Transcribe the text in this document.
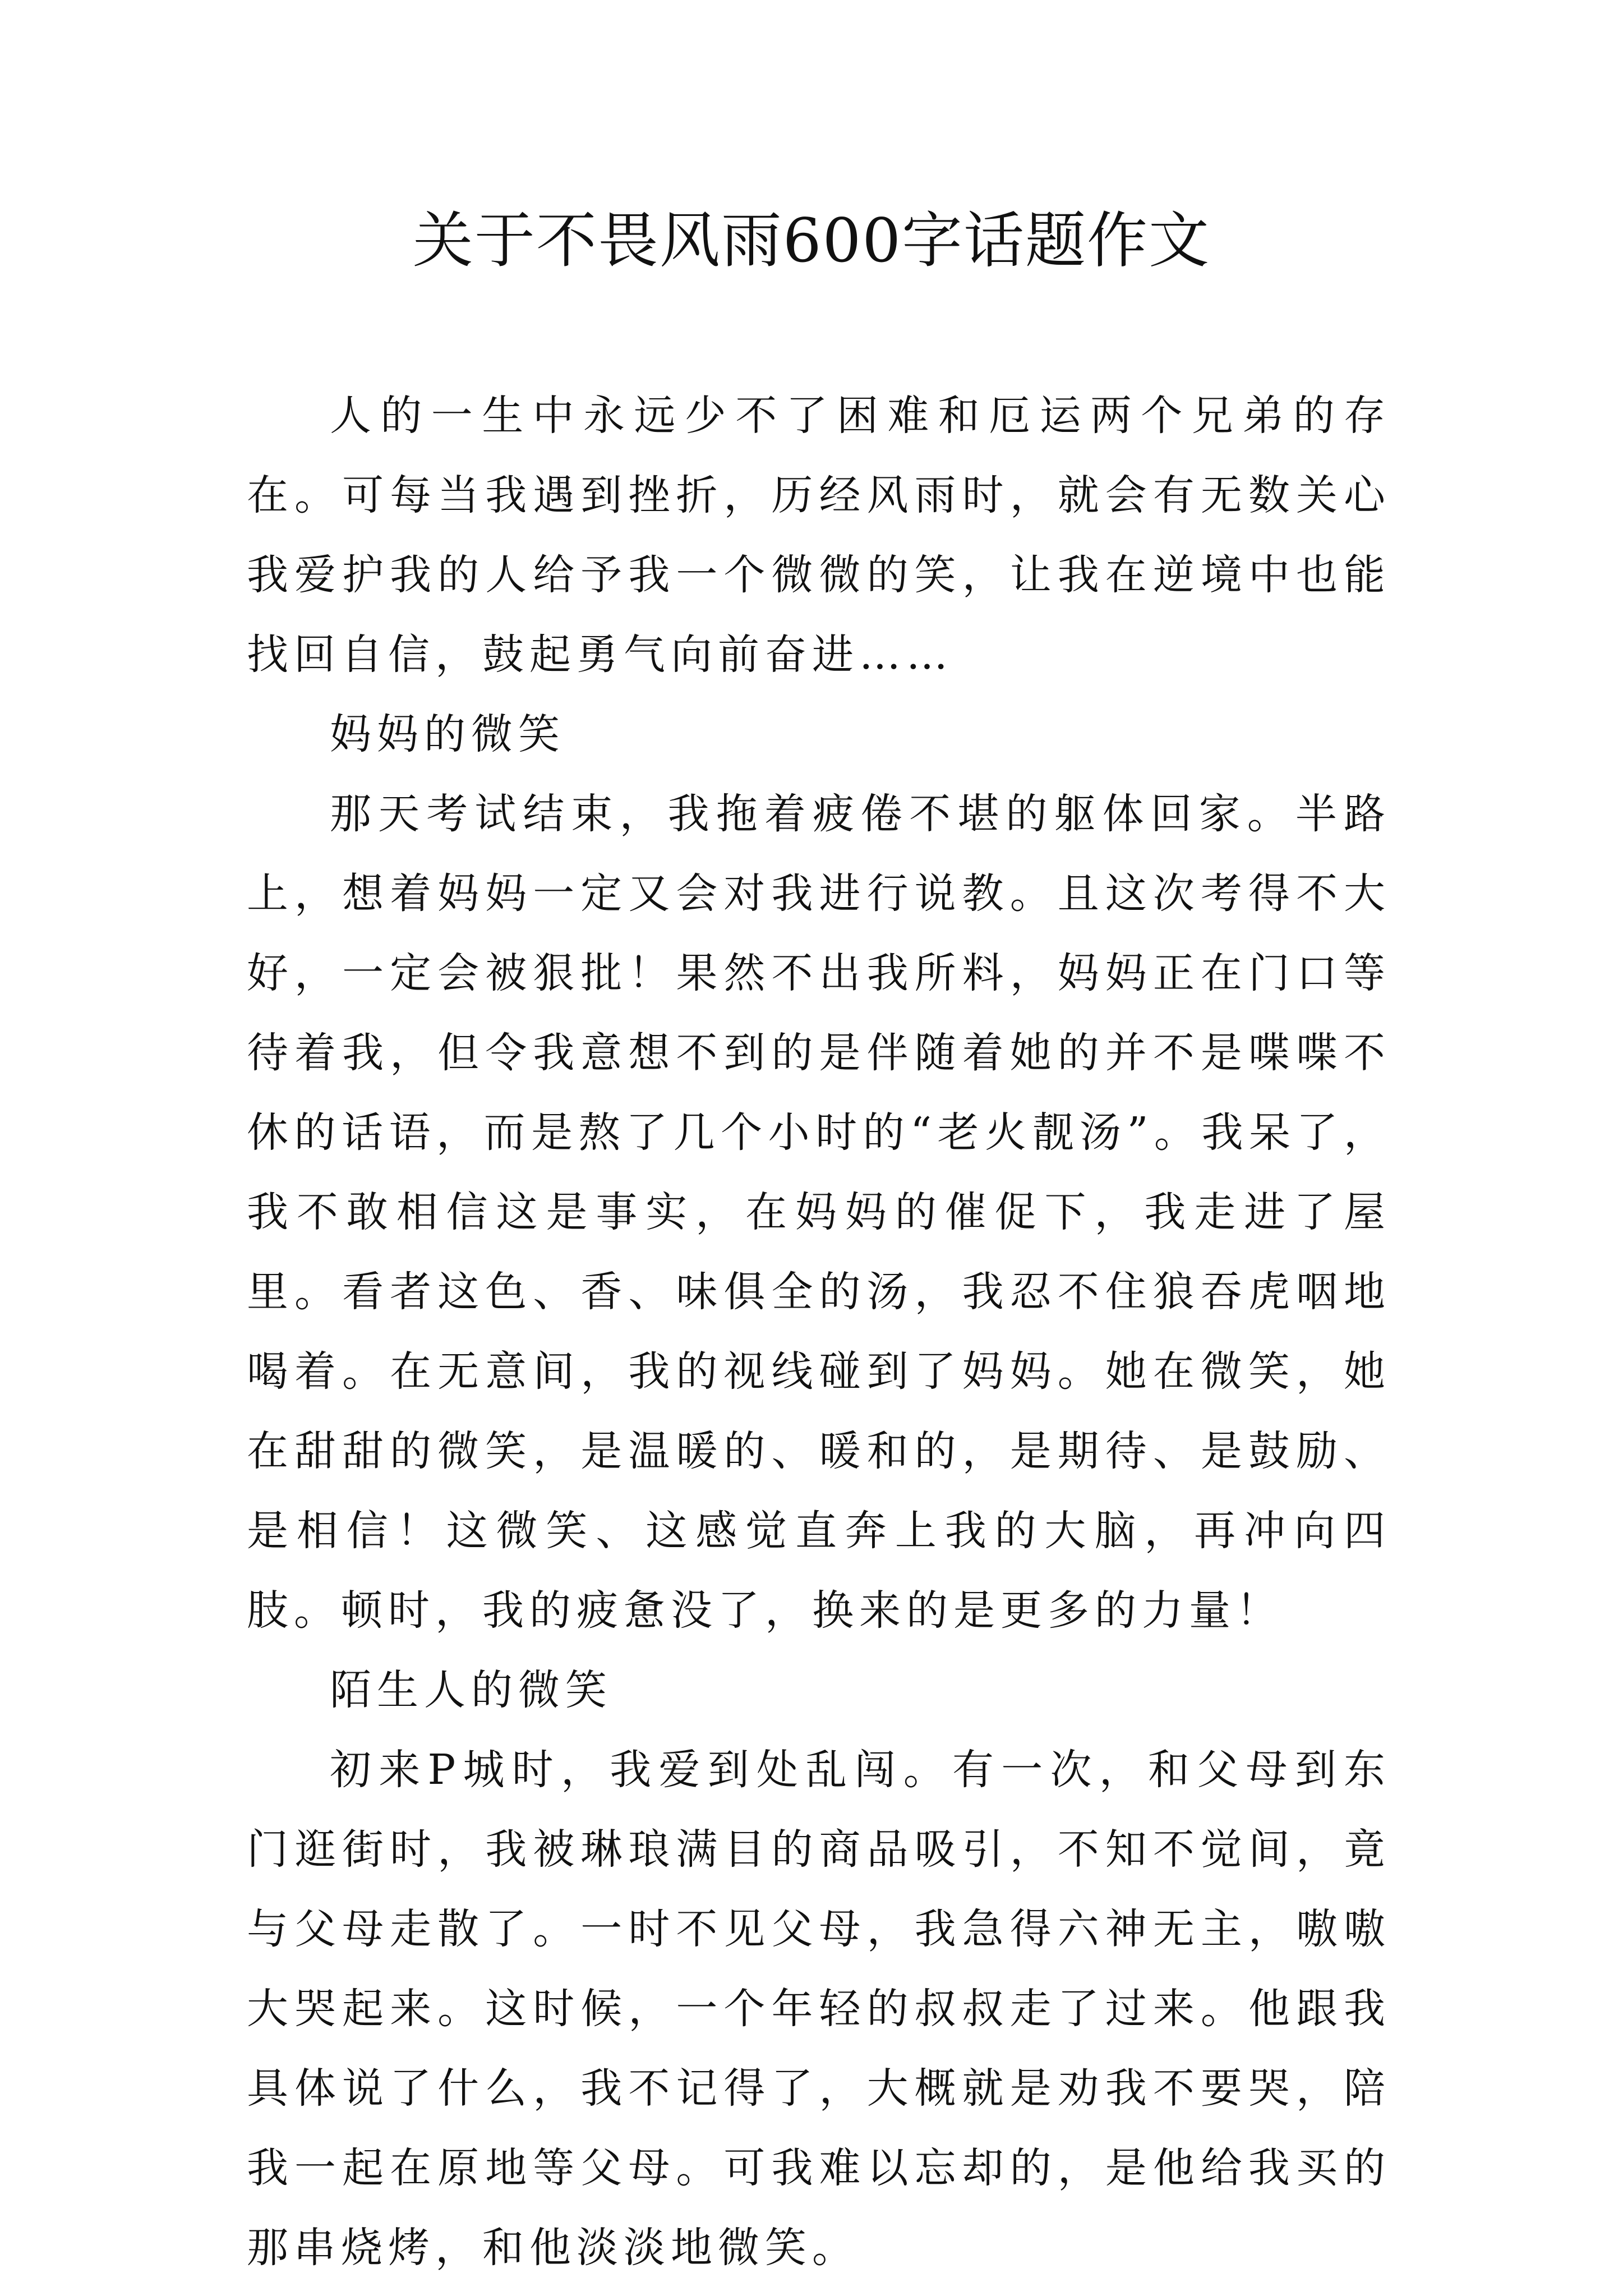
关于不畏风雨600字话题作文

人的一生中永远少不了困难和厄运两个兄弟的存在。可每当我遇到挫折，历经风雨时，就会有无数关心我爱护我的人给予我一个微微的笑，让我在逆境中也能找回自信，鼓起勇气向前奋进……

妈妈的微笑

那天考试结束，我拖着疲倦不堪的躯体回家。半路上，想着妈妈一定又会对我进行说教。且这次考得不大好，一定会被狠批！果然不出我所料，妈妈正在门口等待着我，但令我意想不到的是伴随着她的并不是喋喋不休的话语，而是熬了几个小时的“老火靓汤”。我呆了，我不敢相信这是事实，在妈妈的催促下，我走进了屋里。看者这色、香、味俱全的汤，我忍不住狼吞虎咽地喝着。在无意间，我的视线碰到了妈妈。她在微笑，她在甜甜的微笑，是温暖的、暖和的，是期待、是鼓励、是相信！这微笑、这感觉直奔上我的大脑，再冲向四肢。顿时，我的疲惫没了，换来的是更多的力量！

陌生人的微笑

初来P城时，我爱到处乱闯。有一次，和父母到东门逛街时，我被琳琅满目的商品吸引，不知不觉间，竟与父母走散了。一时不见父母，我急得六神无主，嗷嗷大哭起来。这时候，一个年轻的叔叔走了过来。他跟我具体说了什么，我不记得了，大概就是劝我不要哭，陪我一起在原地等父母。可我难以忘却的，是他给我买的那串烧烤，和他淡淡地微笑。
